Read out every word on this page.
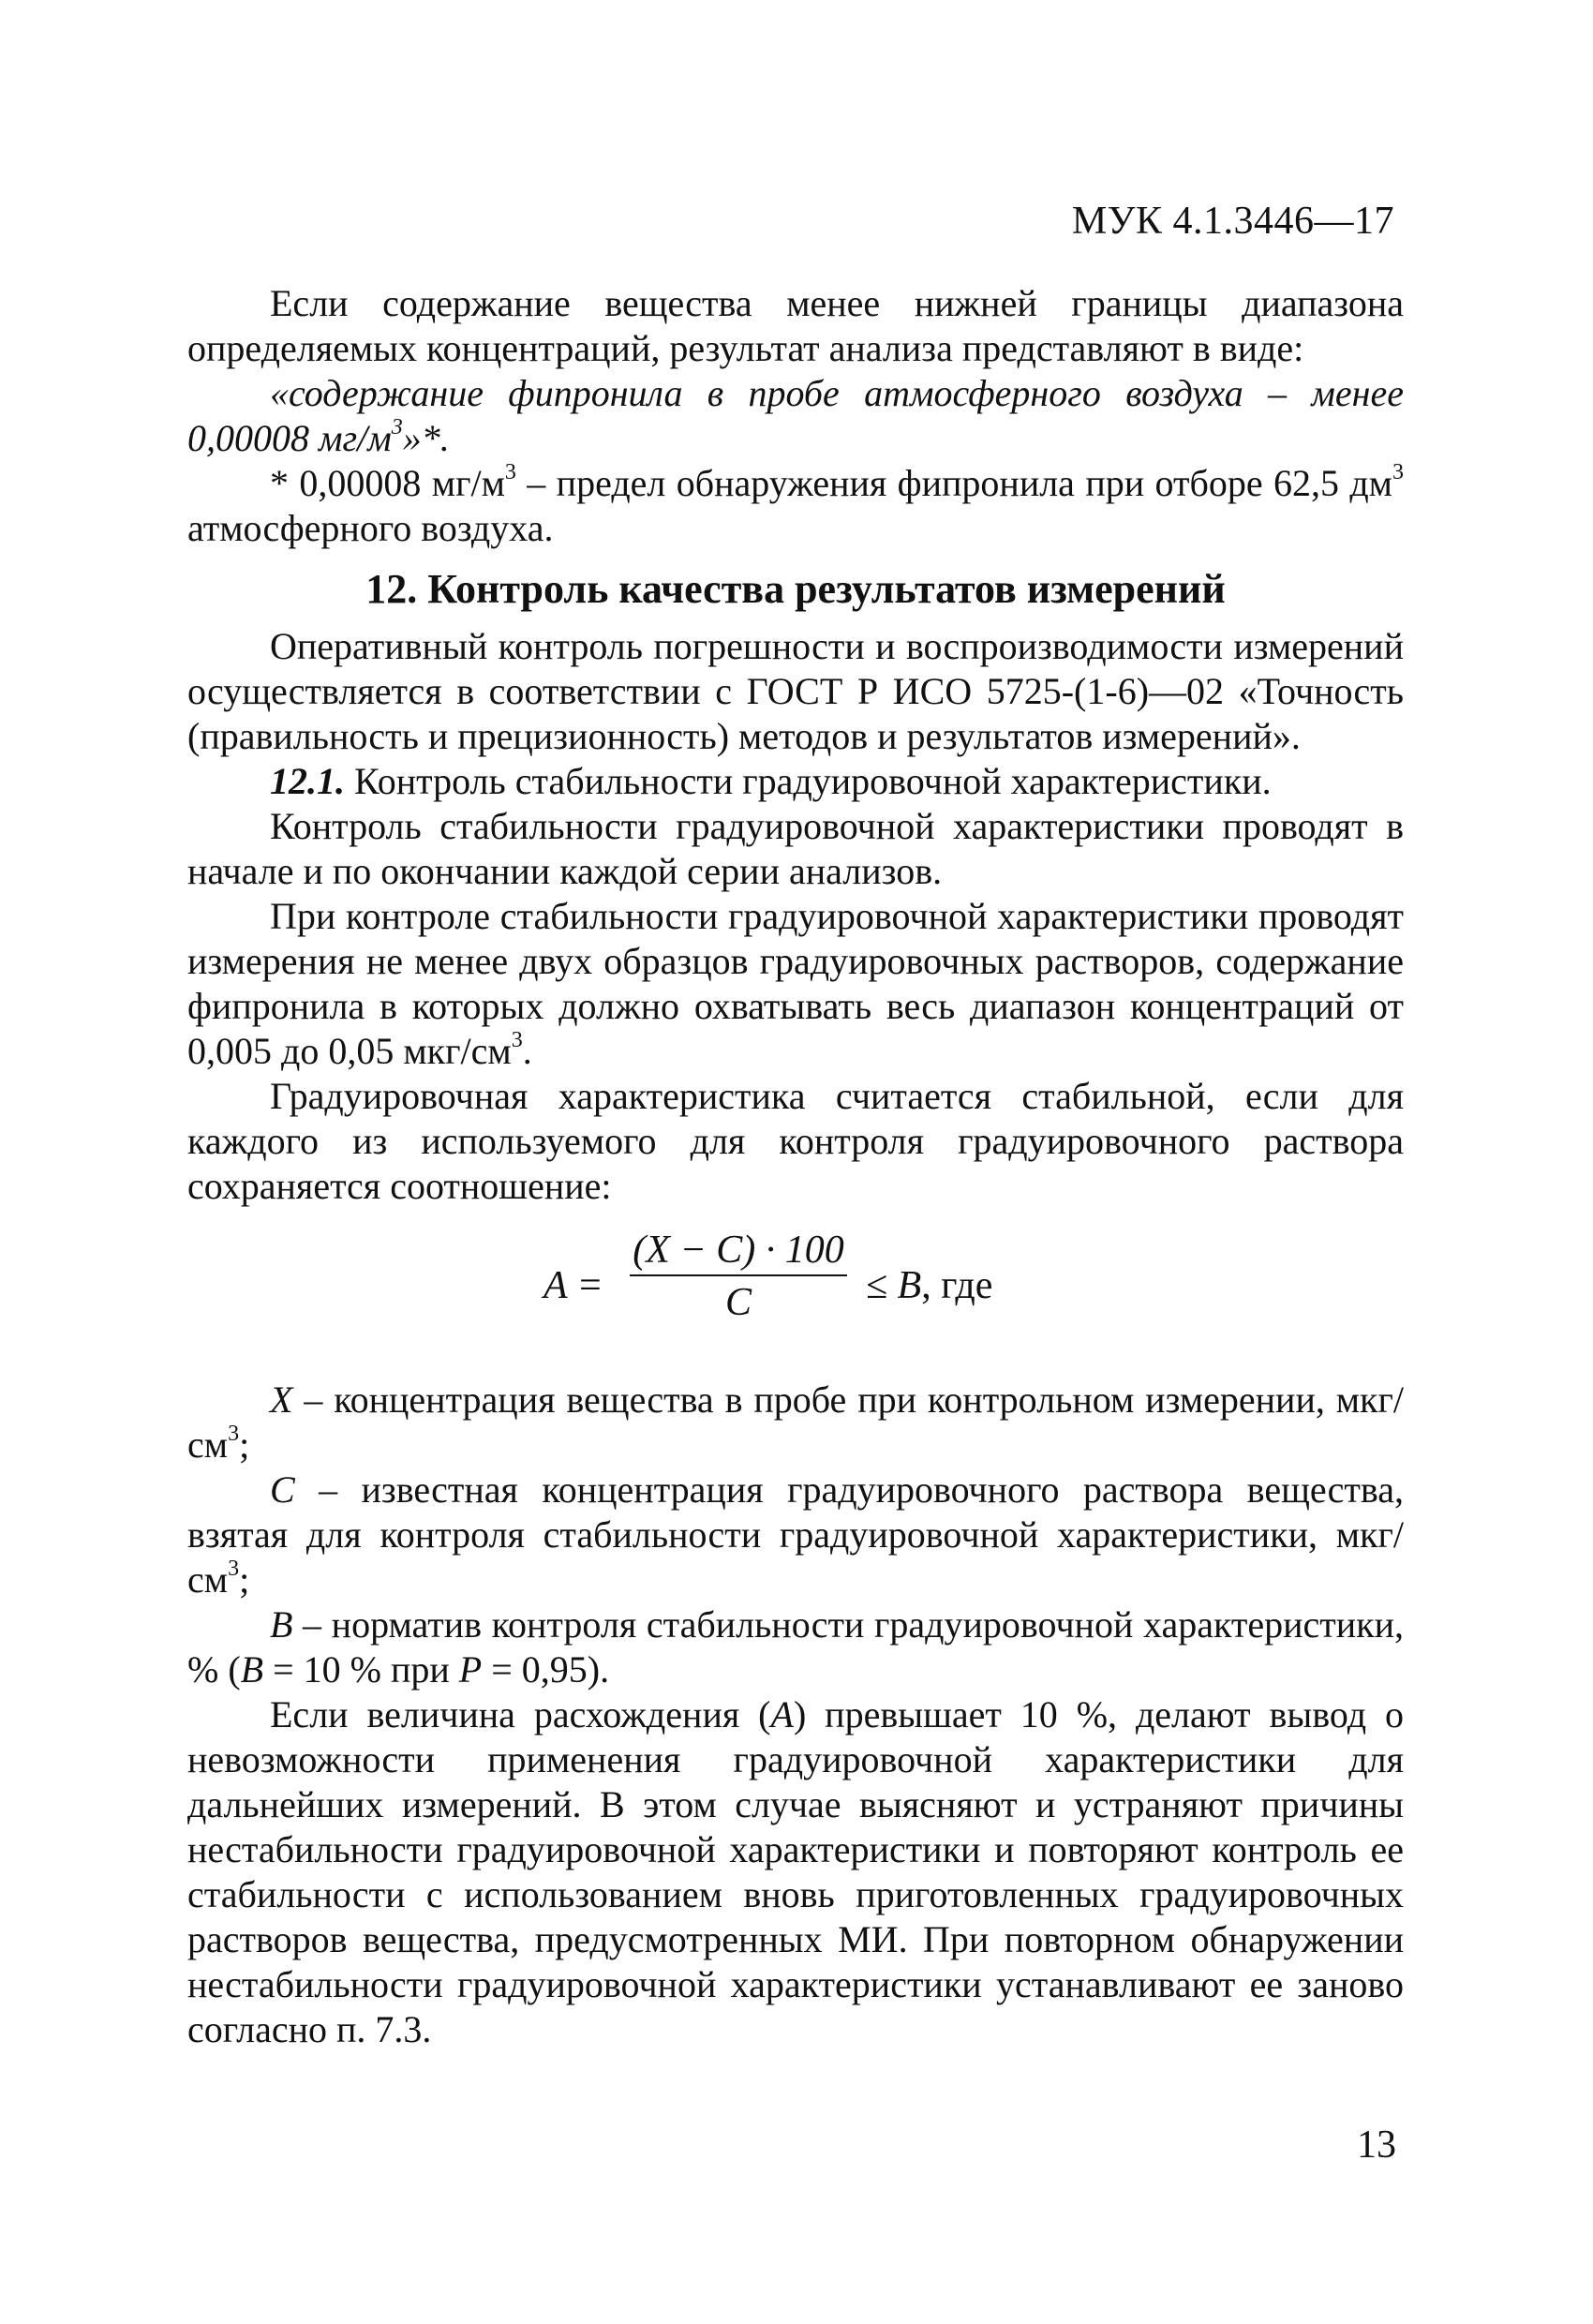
МУК 4.1.3446—17

Если содержание вещества менее нижней границы диапазона определяемых концентраций, результат анализа представляют в виде:

«содержание фипронила в пробе атмосферного воздуха – менее 0,00008 $мг/м^3»*$.

* 0,00008 $мг/м^3$ – предел обнаружения фипронила при отборе 62,5 $дм^3$ атмосферного воздуха.

12. Контроль качества результатов измерений

Оперативный контроль погрешности и воспроизводимости измерений осуществляется в соответствии с ГОСТ Р ИСО 5725-(1-6)—02 «Точность (правильность и прецизионность) методов и результатов измерений».

12.1. Контроль стабильности градуировочной характеристики.

Контроль стабильности градуировочной характеристики проводят в начале и по окончании каждой серии анализов.

При контроле стабильности градуировочной характеристики проводят измерения не менее двух образцов градуировочных растворов, содержание фипронила в которых должно охватывать весь диапазон концентраций от 0,005 до 0,05 мкг/$см^3$.

Градуировочная характеристика считается стабильной, если для каждого из используемого для контроля градуировочного раствора сохраняется соотношение:

A =
(X − C) · 100
C	≤ B, где

X – концентрация вещества в пробе при контрольном измерении, мкг/$см^3$;

C – известная концентрация градуировочного раствора вещества, взятая для контроля стабильности градуировочной характеристики, мкг/$см^3$;

B – норматив контроля стабильности градуировочной характеристики, % (B = 10 % при P = 0,95).

Если величина расхождения (A) превышает 10 %, делают вывод о невозможности применения градуировочной характеристики для дальнейших измерений. В этом случае выясняют и устраняют причины нестабильности градуировочной характеристики и повторяют контроль ее стабильности с использованием вновь приготовленных градуировочных растворов вещества, предусмотренных МИ. При повторном обнаружении нестабильности градуировочной характеристики устанавливают ее заново согласно п. 7.3.

13
